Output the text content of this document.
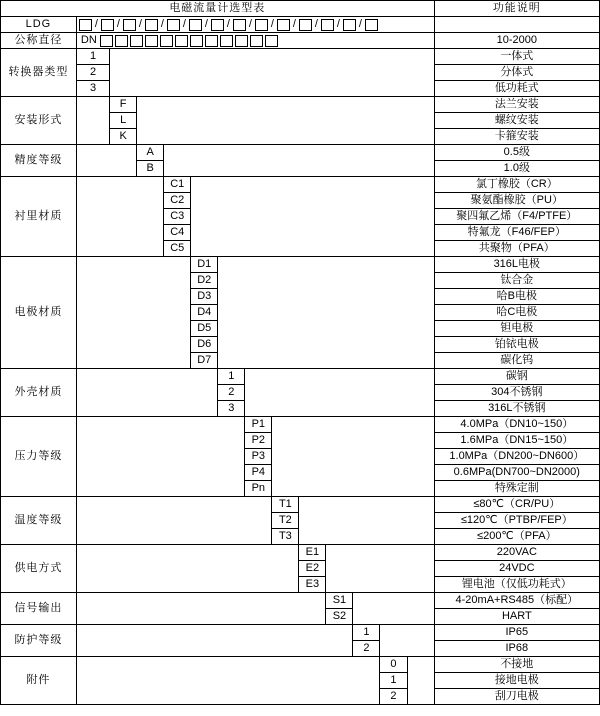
电磁流量计选型表														功能说明
LDG	/ / / / / / / / / / / / /

公称直径	DN													10-2000
转换器类型	1													一体式
	2													分体式
	3													低功耗式
安装形式		F												法兰安装
		L												螺纹安装
		K												卡箍安装
精度等级			A											0.5级
			B											1.0级
衬里材质				C1										氯丁橡胶（CR）
				C2										聚氨酯橡胶（PU）
				C3										聚四氟乙烯（F4/PTFE）
				C4										特氟龙（F46/FEP）
				C5										共聚物（PFA）
电极材质					D1									316L电极
					D2									钛合金
					D3									哈B电极
					D4									哈C电极
					D5									钽电极
					D6									铂铱电极
					D7									碳化钨
外壳材质						1								碳钢
						2								304不锈钢
						3								316L不锈钢
压力等级							P1							4.0MPa（DN10~150）
							P2							1.6MPa（DN15~150）
							P3							1.0MPa（DN200~DN600）
							P4							0.6MPa(DN700~DN2000)
							Pn							特殊定制
温度等级								T1						≤80℃（CR/PU）
								T2						≤120℃（PTBP/FEP）
								T3						≤200℃（PFA）
供电方式									E1					220VAC
									E2					24VDC
									E3					锂电池（仅低功耗式）
信号输出										S1				4-20mA+RS485（标配）
										S2				HART
防护等级											1			IP65
											2			IP68
附件												0		不接地
												1		接地电极
												2		刮刀电极
